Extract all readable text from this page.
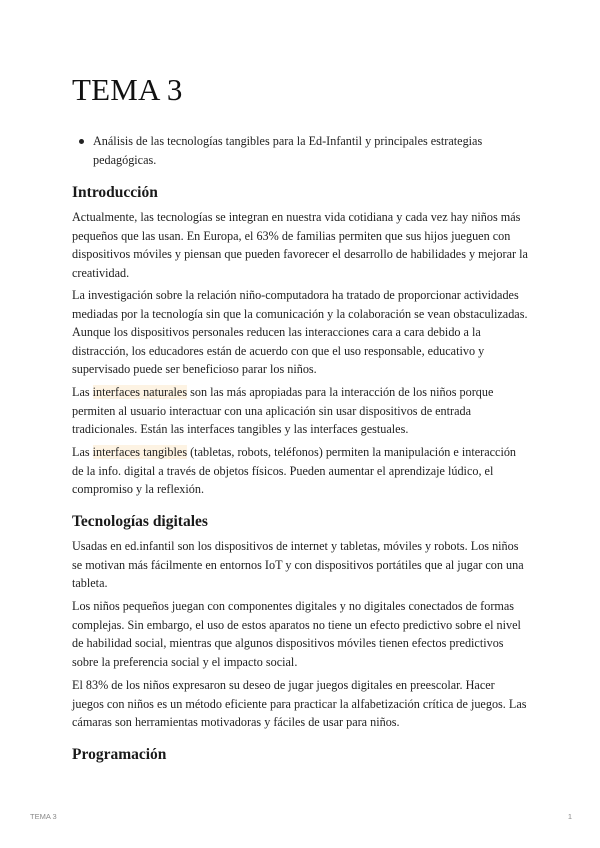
TEMA 3
Análisis de las tecnologías tangibles para la Ed-Infantil y principales estrategias pedagógicas.
Introducción

Actualmente, las tecnologías se integran en nuestra vida cotidiana y cada vez hay niños más pequeños que las usan. En Europa, el 63% de familias permiten que sus hijos jueguen con dispositivos móviles y piensan que pueden favorecer el desarrollo de habilidades y mejorar la creatividad.

La investigación sobre la relación niño-computadora ha tratado de proporcionar actividades mediadas por la tecnología sin que la comunicación y la colaboración se vean obstaculizadas. Aunque los dispositivos personales reducen las interacciones cara a cara debido a la distracción, los educadores están de acuerdo con que el uso responsable, educativo y supervisado puede ser beneficioso parar los niños.

Las interfaces naturales son las más apropiadas para la interacción de los niños porque permiten al usuario interactuar con una aplicación sin usar dispositivos de entrada tradicionales. Están las interfaces tangibles y las interfaces gestuales.

Las interfaces tangibles (tabletas, robots, teléfonos) permiten la manipulación e interacción de la info. digital a través de objetos físicos. Pueden aumentar el aprendizaje lúdico, el compromiso y la reflexión.

Tecnologías digitales

Usadas en ed.infantil son los dispositivos de internet y tabletas, móviles y robots. Los niños se motivan más fácilmente en entornos IoT y con dispositivos portátiles que al jugar con una tableta.

Los niños pequeños juegan con componentes digitales y no digitales conectados de formas complejas. Sin embargo, el uso de estos aparatos no tiene un efecto predictivo sobre el nivel de habilidad social, mientras que algunos dispositivos móviles tienen efectos predictivos sobre la preferencia social y el impacto social.

El 83% de los niños expresaron su deseo de jugar juegos digitales en preescolar. Hacer juegos con niños es un método eficiente para practicar la alfabetización crítica de juegos. Las cámaras son herramientas motivadoras y fáciles de usar para niños.

Programación
TEMA 3	1
